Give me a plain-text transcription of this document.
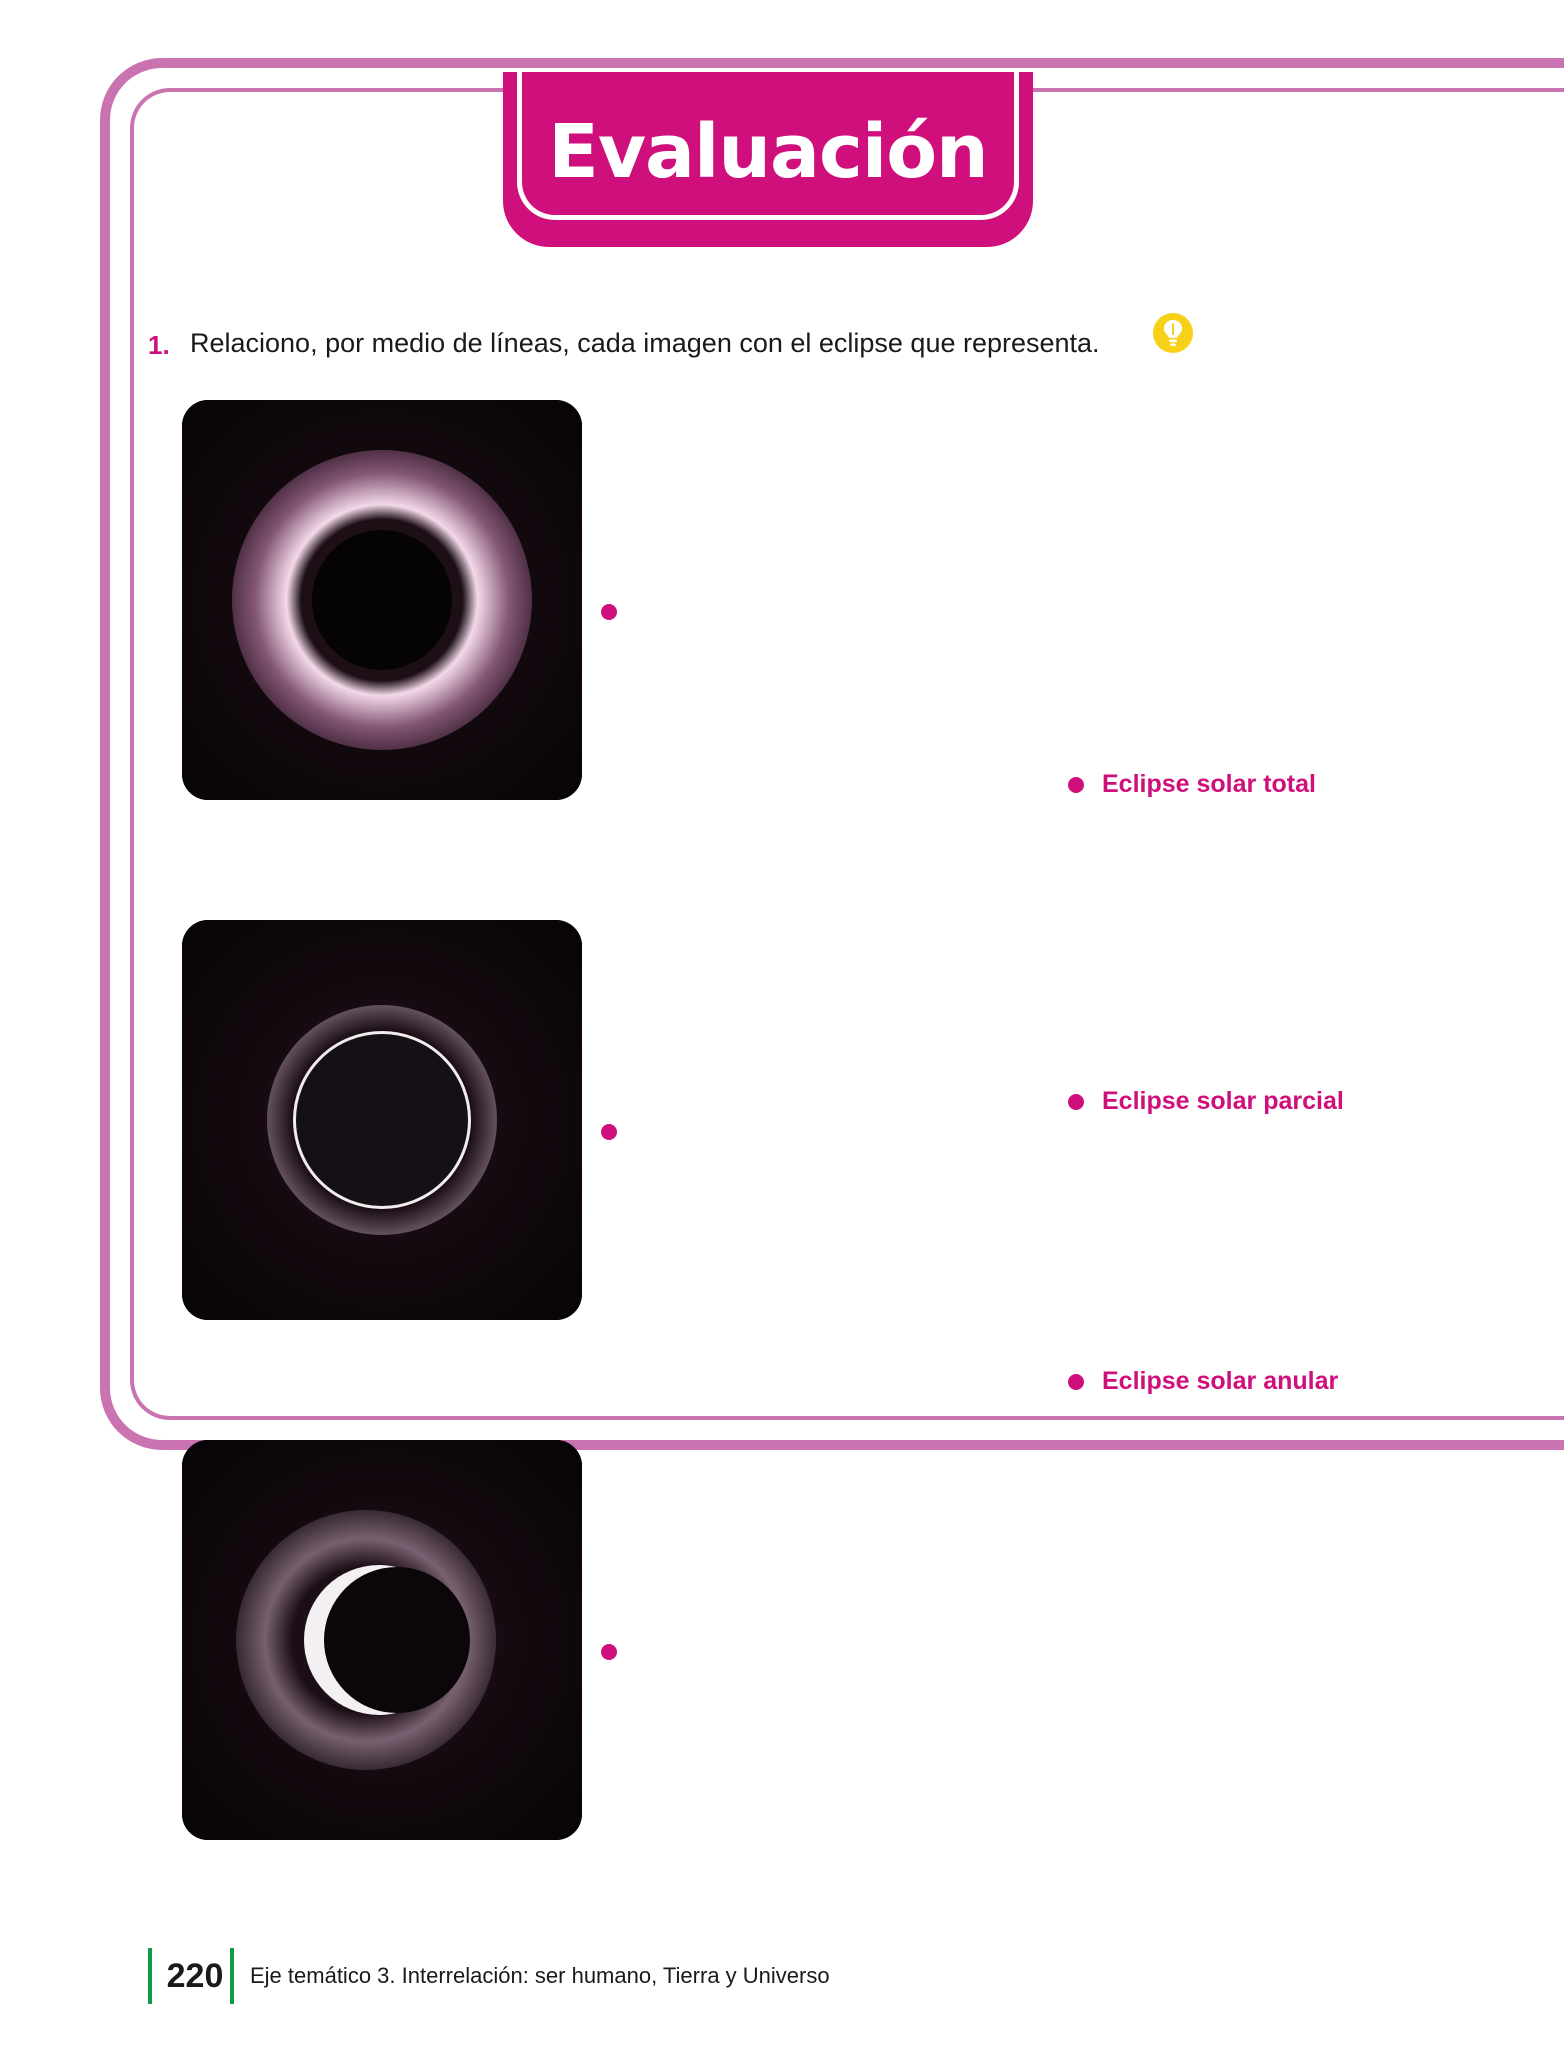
Evaluación
1. Relaciono, por medio de líneas, cada imagen con el eclipse que representa.
Eclipse solar total
Eclipse solar parcial
Eclipse solar anular
220	Eje temático 3. Interrelación: ser humano, Tierra y Universo
